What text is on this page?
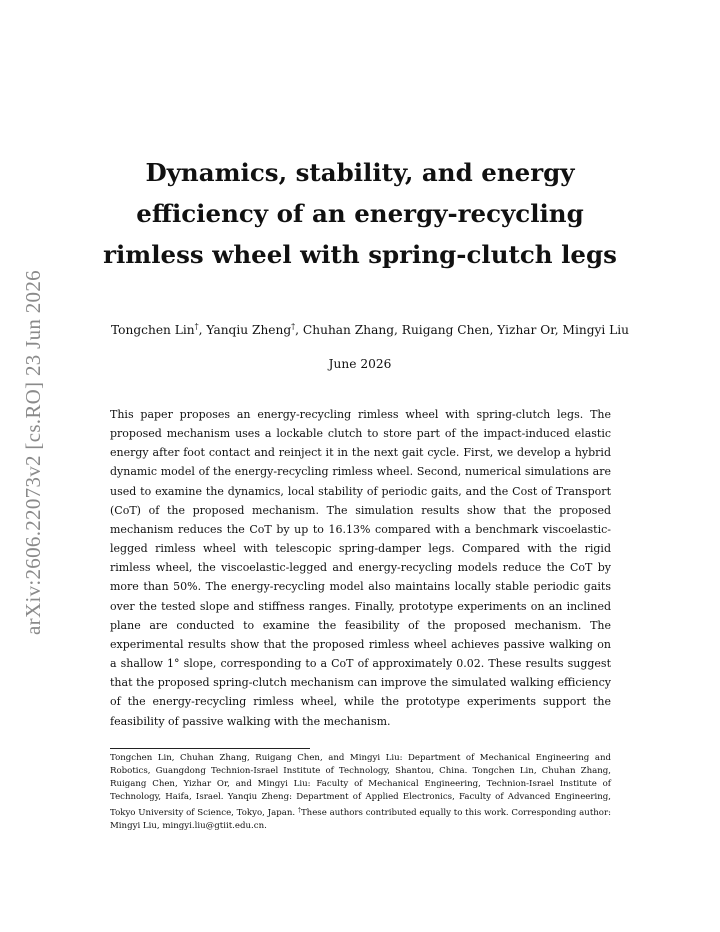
arXiv:2606.22073v2 [cs.RO] 23 Jun 2026
Dynamics, stability, and energy efficiency of an energy-recycling rimless wheel with spring-clutch legs
Tongchen Lin†, Yanqiu Zheng†, Chuhan Zhang, Ruigang Chen, Yizhar Or, Mingyi Liu
June 2026

This paper proposes an energy-recycling rimless wheel with spring-clutch legs. The proposed mechanism uses a lockable clutch to store part of the impact-induced elastic energy after foot contact and reinject it in the next gait cycle. First, we develop a hybrid dynamic model of the energy-recycling rimless wheel. Second, numerical simulations are used to examine the dynamics, local stability of periodic gaits, and the Cost of Transport (CoT) of the proposed mechanism. The simulation results show that the proposed mechanism reduces the CoT by up to 16.13% compared with a benchmark viscoelastic-legged rimless wheel with telescopic spring-damper legs. Compared with the rigid rimless wheel, the viscoelastic-legged and energy-recycling models reduce the CoT by more than 50%. The energy-recycling model also maintains locally stable periodic gaits over the tested slope and stiffness ranges. Finally, prototype experiments on an inclined plane are conducted to examine the feasibility of the proposed mechanism. The experimental results show that the proposed rimless wheel achieves passive walking on a shallow 1° slope, corresponding to a CoT of approximately 0.02. These results suggest that the proposed spring-clutch mechanism can improve the simulated walking efficiency of the energy-recycling rimless wheel, while the prototype experiments support the feasibility of passive walking with the mechanism.

Tongchen Lin, Chuhan Zhang, Ruigang Chen, and Mingyi Liu: Department of Mechanical Engineering and Robotics, Guangdong Technion-Israel Institute of Technology, Shantou, China. Tongchen Lin, Chuhan Zhang, Ruigang Chen, Yizhar Or, and Mingyi Liu: Faculty of Mechanical Engineering, Technion-Israel Institute of Technology, Haifa, Israel. Yanqiu Zheng: Department of Applied Electronics, Faculty of Advanced Engineering, Tokyo University of Science, Tokyo, Japan. †These authors contributed equally to this work. Corresponding author: Mingyi Liu, mingyi.liu@gtiit.edu.cn.
